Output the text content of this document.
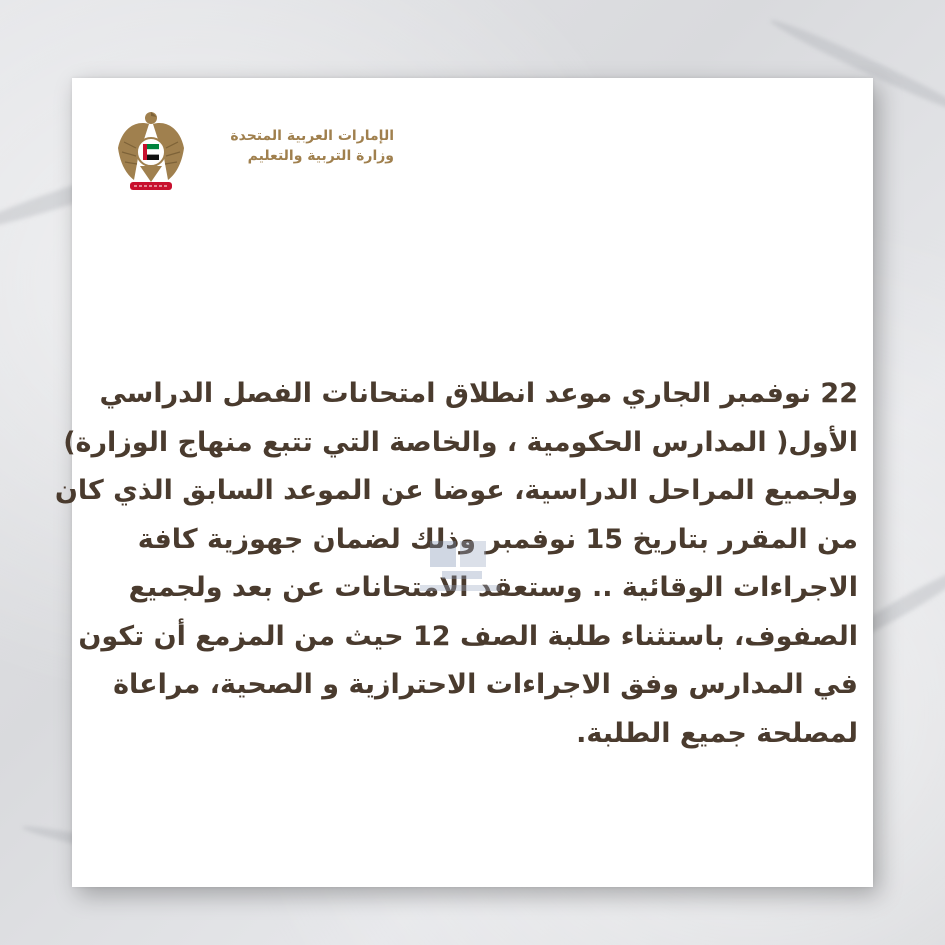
الإمارات العربية المتحدة
وزارة التربية والتعليم
22 نوفمبر الجاري موعد انطلاق امتحانات الفصل الدراسي
الأول( المدارس الحكومية ، والخاصة التي تتبع منهاج الوزارة)
ولجميع المراحل الدراسية، عوضا عن الموعد السابق الذي كان
من المقرر بتاريخ 15 نوفمبر وذلك لضمان جهوزية كافة
الاجراءات الوقائية .. وستعقد الامتحانات عن بعد ولجميع
الصفوف، باستثناء طلبة الصف 12 حيث من المزمع أن تكون
في المدارس وفق الاجراءات الاحترازية و الصحية، مراعاة
لمصلحة جميع الطلبة.
